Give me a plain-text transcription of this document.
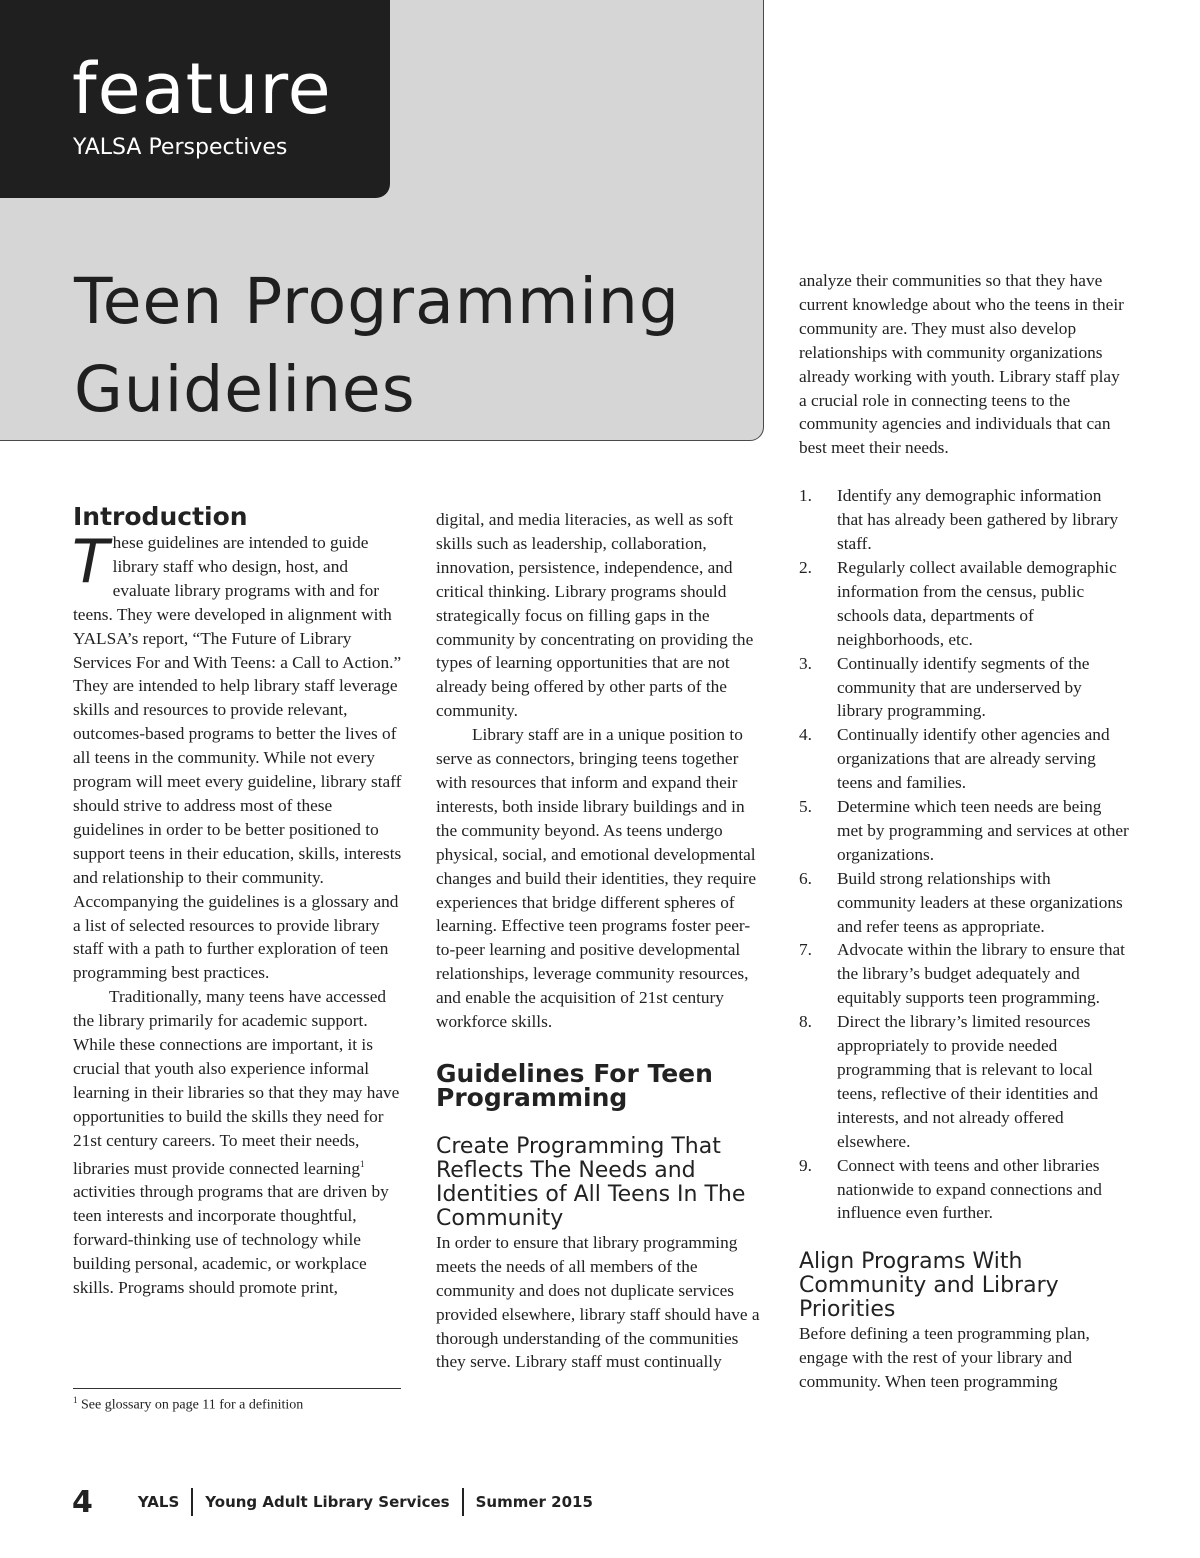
feature
YALSA Perspectives
Teen Programming
Guidelines
Introduction

These guidelines are intended to guide library staff who design, host, and evaluate library programs with and for teens. They were developed in alignment with YALSA’s report, “The Future of Library Services For and With Teens: a Call to Action.” They are intended to help library staff leverage skills and resources to provide relevant, outcomes-based programs to better the lives of all teens in the community. While not every program will meet every guideline, library staff should strive to address most of these guidelines in order to be better positioned to support teens in their education, skills, interests and relationship to their community. Accompanying the guidelines is a glossary and a list of selected resources to provide library staff with a path to further exploration of teen programming best practices.

Traditionally, many teens have accessed the library primarily for academic support. While these connections are important, it is crucial that youth also experience informal learning in their libraries so that they may have opportunities to build the skills they need for 21st century careers. To meet their needs, libraries must provide connected learning$^1$ activities through programs that are driven by teen interests and incorporate thoughtful, forward-thinking use of technology while building personal, academic, or workplace skills. Programs should promote print,

$^1$ See glossary on page 11 for a definition

digital, and media literacies, as well as soft skills such as leadership, collaboration, innovation, persistence, independence, and critical thinking. Library programs should strategically focus on filling gaps in the community by concentrating on providing the types of learning opportunities that are not already being offered by other parts of the community.

Library staff are in a unique position to serve as connectors, bringing teens together with resources that inform and expand their interests, both inside library buildings and in the community beyond. As teens undergo physical, social, and emotional developmental changes and build their identities, they require experiences that bridge different spheres of learning. Effective teen programs foster peer-to-peer learning and positive developmental relationships, leverage community resources, and enable the acquisition of 21st century workforce skills.

Guidelines For Teen Programming
Create Programming That Reflects The Needs and Identities of All Teens In The Community

In order to ensure that library programming meets the needs of all members of the community and does not duplicate services provided elsewhere, library staff should have a thorough understanding of the communities they serve. Library staff must continually

analyze their communities so that they have current knowledge about who the teens in their community are. They must also develop relationships with community organizations already working with youth. Library staff play a crucial role in connecting teens to the community agencies and individuals that can best meet their needs.

1. Identify any demographic information that has already been gathered by library staff.
2. Regularly collect available demographic information from the census, public schools data, departments of neighborhoods, etc.
3. Continually identify segments of the community that are underserved by library programming.
4. Continually identify other agencies and organizations that are already serving teens and families.
5. Determine which teen needs are being met by programming and services at other organizations.
6. Build strong relationships with community leaders at these organizations and refer teens as appropriate.
7. Advocate within the library to ensure that the library’s budget adequately and equitably supports teen programming.
8. Direct the library’s limited resources appropriately to provide needed programming that is relevant to local teens, reflective of their identities and interests, and not already offered elsewhere.
9. Connect with teens and other libraries nationwide to expand connections and influence even further.
Align Programs With Community and Library Priorities

Before defining a teen programming plan, engage with the rest of your library and community. When teen programming

4	YALS Young Adult Library Services Summer 2015
